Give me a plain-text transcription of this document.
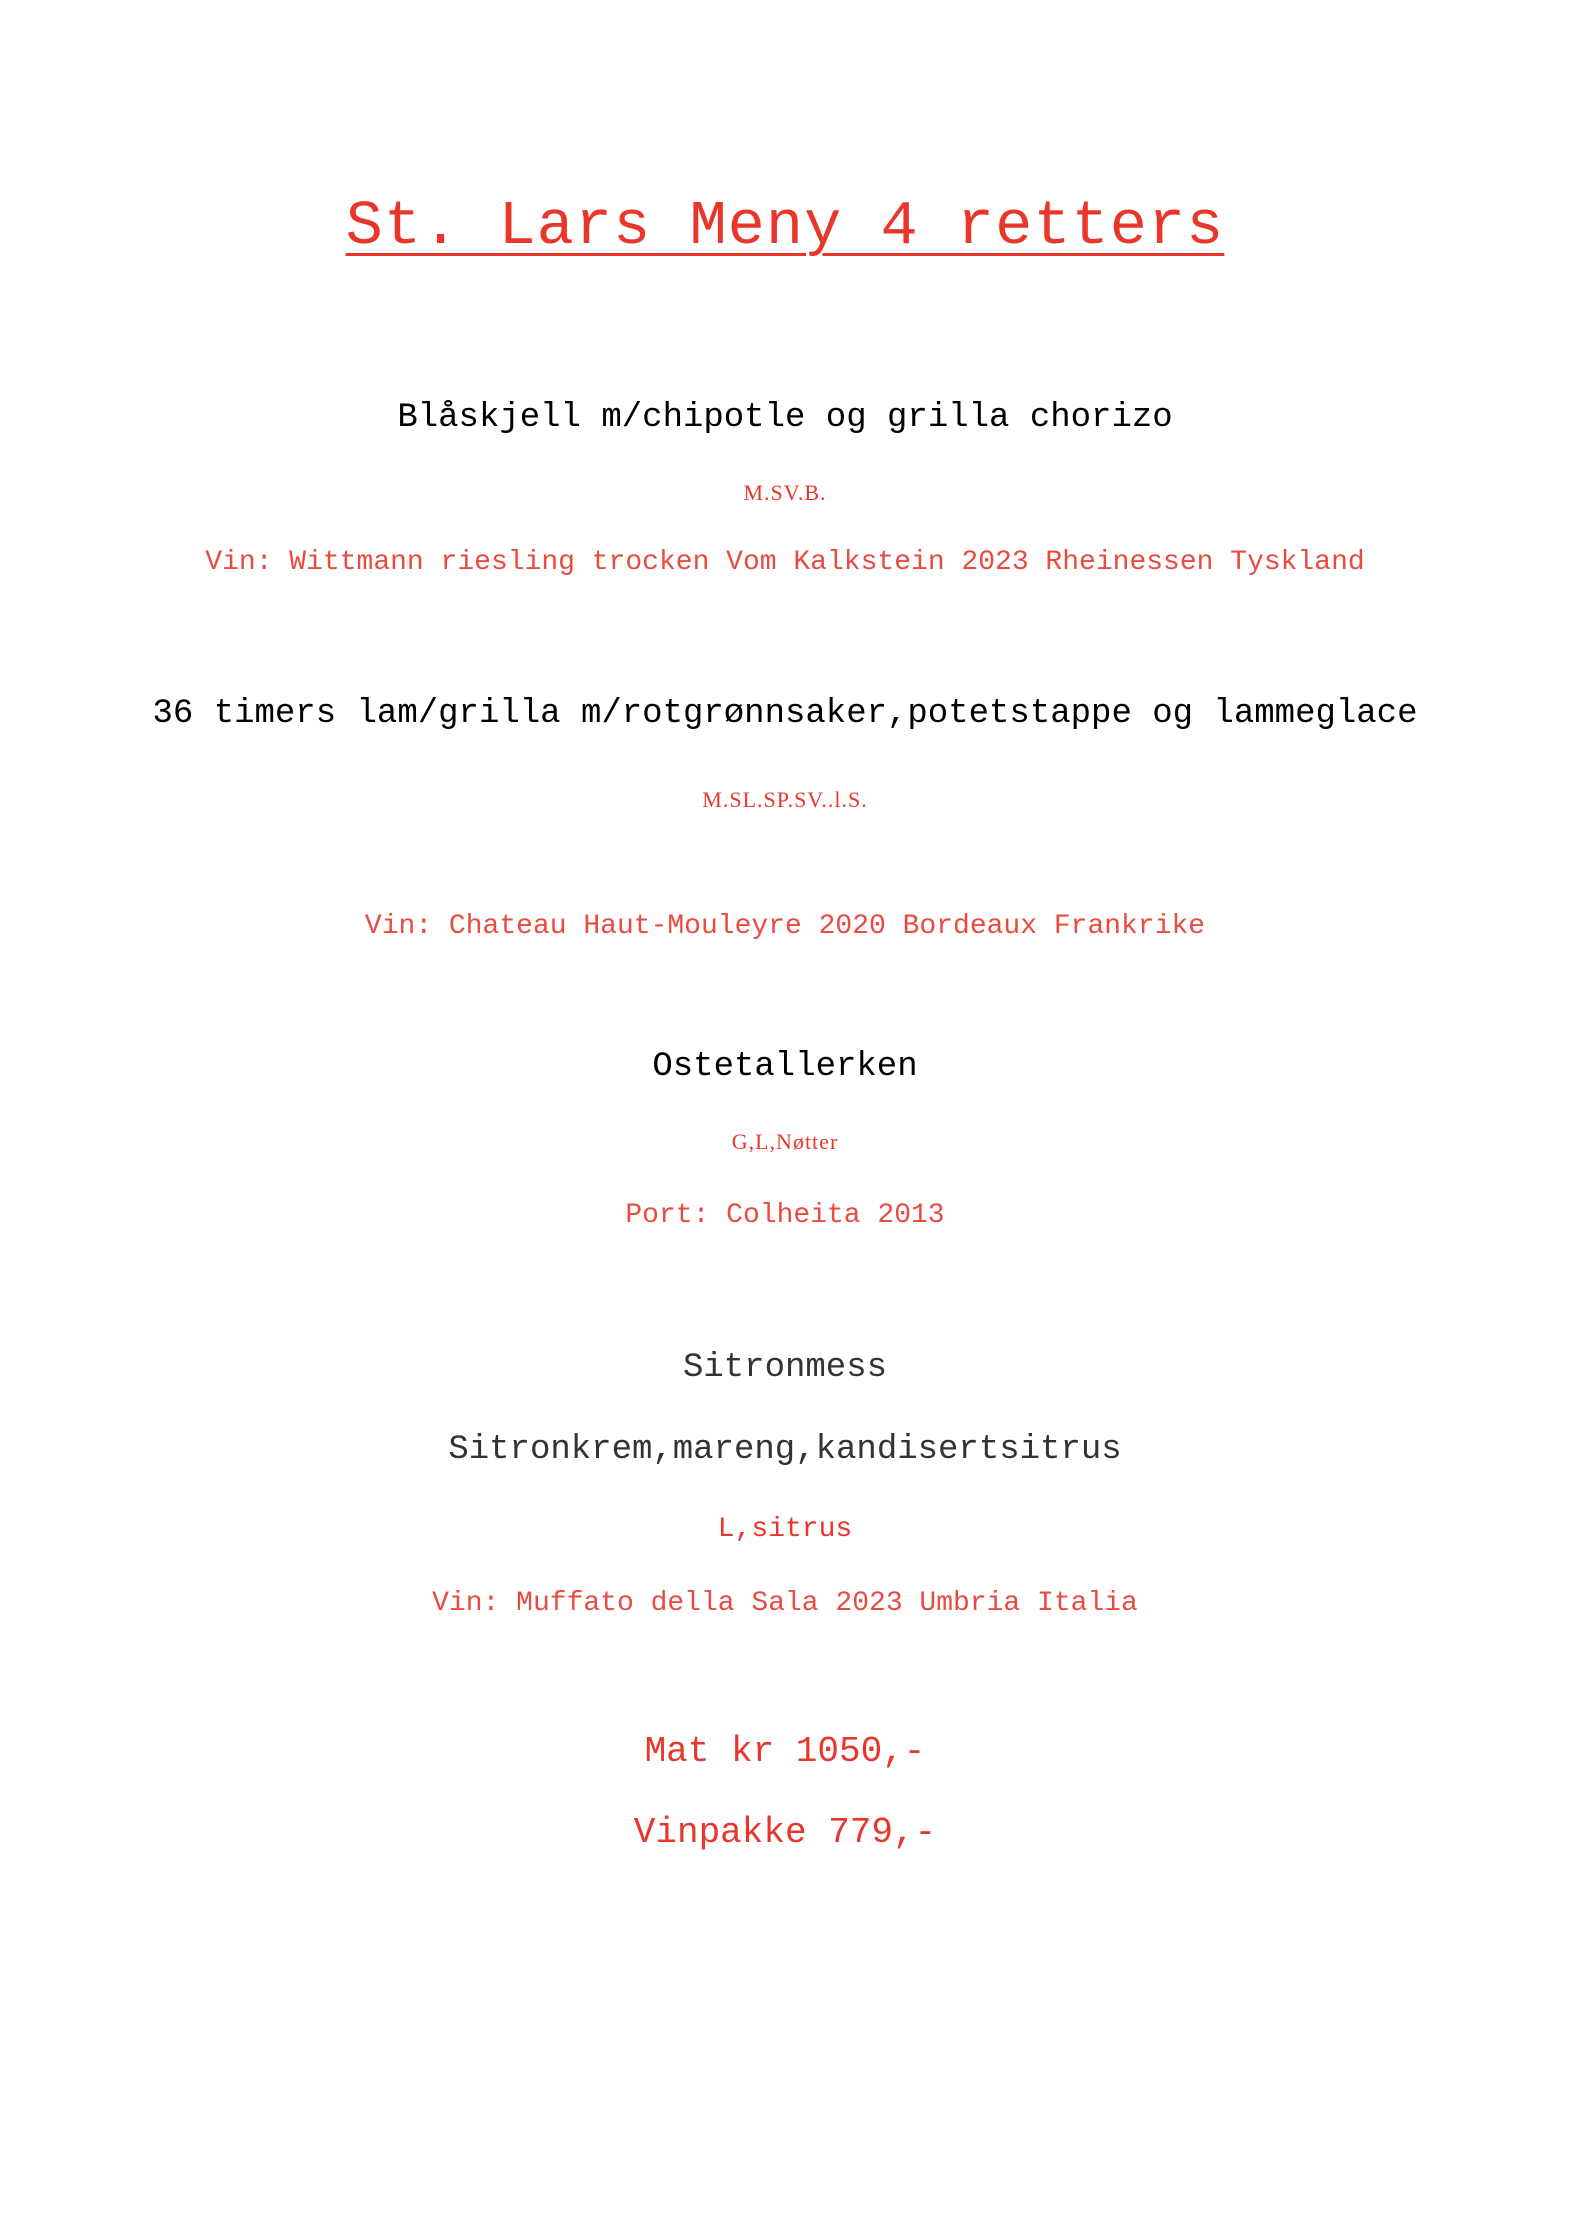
St. Lars Meny 4 retters
Blåskjell m/chipotle og grilla chorizo
M.SV.B.
Vin: Wittmann riesling trocken Vom Kalkstein 2023 Rheinessen Tyskland
36 timers lam/grilla m/rotgrønnsaker,potetstappe og lammeglace
M.SL.SP.SV..l.S.
Vin: Chateau Haut-Mouleyre 2020 Bordeaux Frankrike
Ostetallerken
G,L,Nøtter
Port: Colheita 2013
Sitronmess
Sitronkrem,mareng,kandisertsitrus
L,sitrus
Vin: Muffato della Sala 2023 Umbria Italia
Mat kr 1050,-
Vinpakke 779,-
